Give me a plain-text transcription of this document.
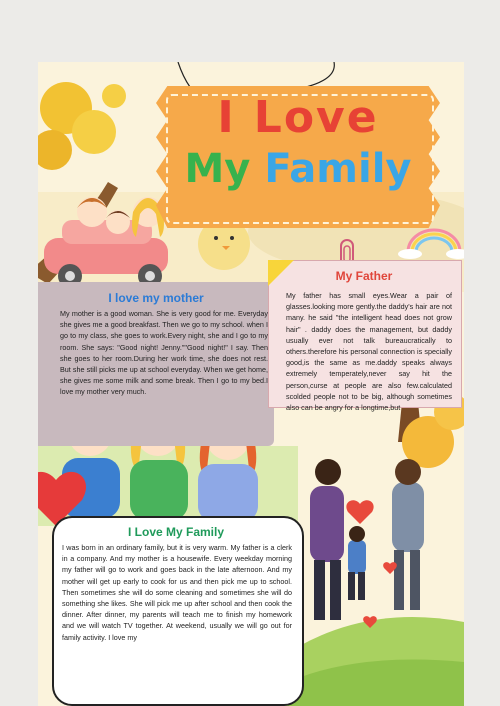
I Love
My Family
I love my mother
My mother is a good woman. She is very good for me. Everyday she gives me a good breakfast. Then we go to my school. when I go to my class, she goes to work.Every night, she and I go to my room. She says: "Good night! Jenny.""Good night!" I say. Then she goes to her room.During her work time, she does not rest. But she still picks me up at school everyday. When we get home, she gives me some milk and some break. Then I go to my bed.I love my mother very much.
My Father
My father has small eyes.Wear a pair of glasses.looking more gently.the daddy's hair are not many. he said "the intelligent head does not grow hair" . daddy does the management, but daddy usually ever not talk bureaucratically to others.therefore his personal connection is specially good,is the same as me.daddy speaks always extremely temperately,never say hit the person,curse at people are also few.calculated scolded people not to be big, although sometimes also can be angry for a longtime,but
I Love My Family
I was born in an ordinary family, but it is very warm. My father is a clerk in a company. And my mother is a housewife. Every weekday morning my father will go to work and goes back in the late afternoon. And my mother will get up early to cook for us and then pick me up to school. Then sometimes she will do some cleaning and sometimes she will do something she likes. She will pick me up after school and then cook the dinner. After dinner, my parents will teach me to finish my homework and we will watch TV together. At weekend, usually we will go out for family activity. I love my
